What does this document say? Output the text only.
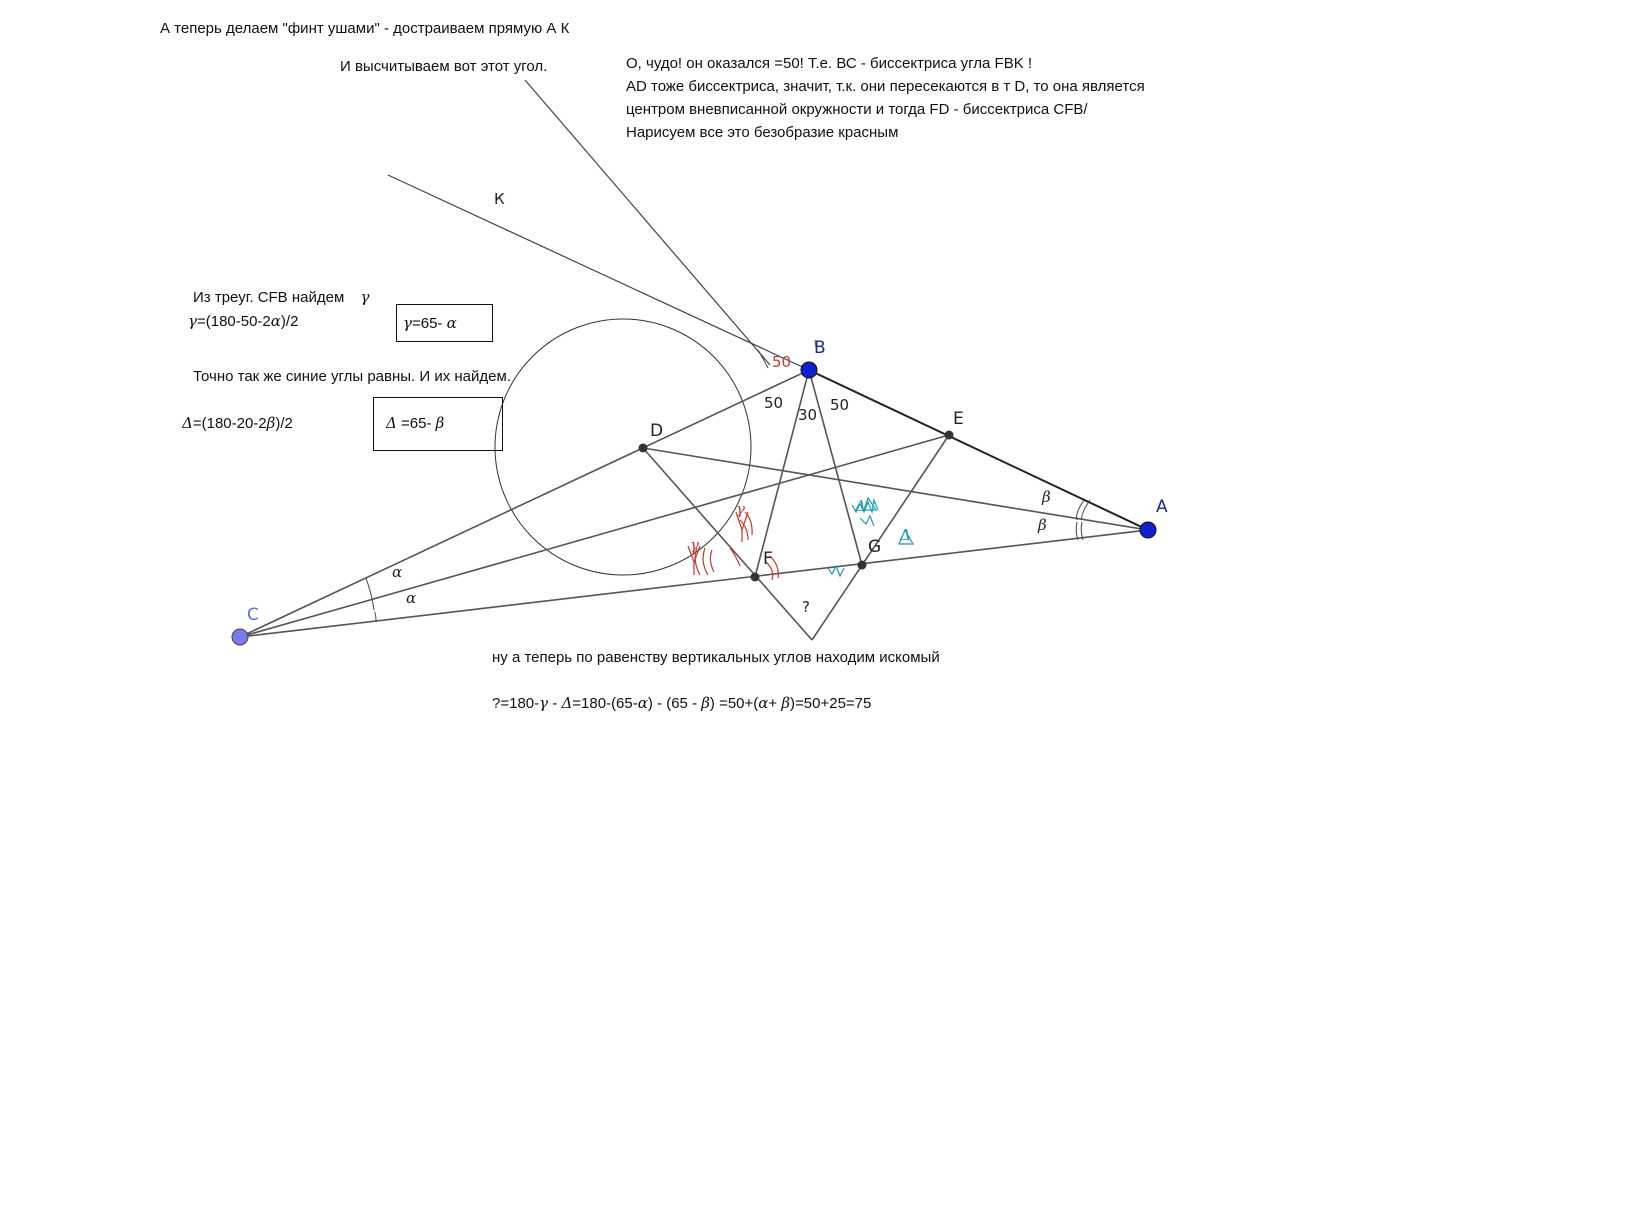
A
B
C
D
E
F
G
К
50
50
30
50
?
α
α
β
β
γ
γ
Δ
Δ
А теперь делаем "финт ушами" - достраиваем прямую А К
И высчитываем вот этот угол.	О, чудо! он оказался =50! Т.е. ВС - биссектриса угла FBK !
AD тоже биссектриса, значит, т.к. они пересекаются в т D, то она является
центром вневписанной окружности и тогда FD - биссектриса CFB/
Нарисуем все это безобразие красным
Из треуг. CFB найдем γ
γ=(180-50-2α)/2	γ=65- α
Точно так же синие углы равны. И их найдем.
Δ=(180-20-2β)/2	Δ =65- β
ну а теперь по равенству вертикальных углов находим искомый
?=180-γ - Δ=180-(65-α) - (65 - β) =50+(α+ β)=50+25=75
